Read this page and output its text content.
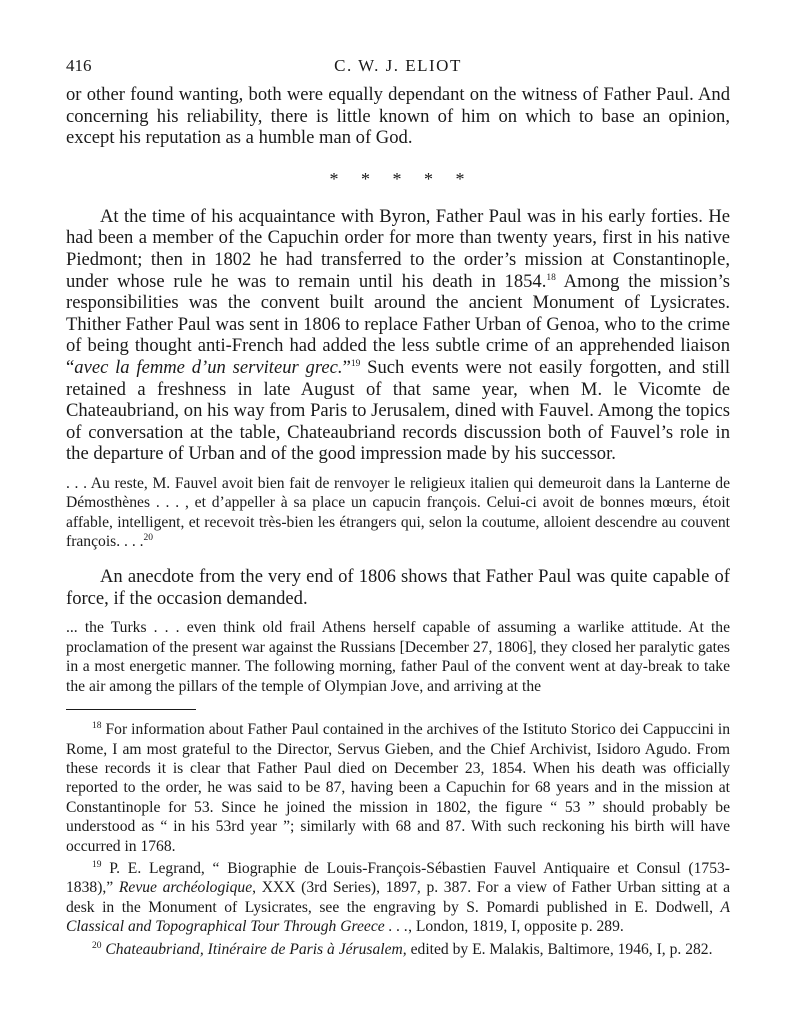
416	C. W. J. ELIOT

or other found wanting, both were equally dependant on the witness of Father Paul. And concerning his reliability, there is little known of him on which to base an opinion, except his reputation as a humble man of God.

* * * * *

At the time of his acquaintance with Byron, Father Paul was in his early forties. He had been a member of the Capuchin order for more than twenty years, first in his native Piedmont; then in 1802 he had transferred to the order’s mission at Constantinople, under whose rule he was to remain until his death in 1854.18 Among the mission’s responsibilities was the convent built around the ancient Monument of Lysicrates. Thither Father Paul was sent in 1806 to replace Father Urban of Genoa, who to the crime of being thought anti-French had added the less subtle crime of an apprehended liaison “avec la femme d’un serviteur grec.”$^{19}$ Such events were not easily forgotten, and still retained a freshness in late August of that same year, when M. le Vicomte de Chateaubriand, on his way from Paris to Jerusalem, dined with Fauvel. Among the topics of conversation at the table, Chateaubriand records discussion both of Fauvel’s role in the departure of Urban and of the good impression made by his successor.

. . . Au reste, M. Fauvel avoit bien fait de renvoyer le religieux italien qui demeuroit dans la Lanterne de Démosthènes . . . , et d’appeller à sa place un capucin françois. Celui-ci avoit de bonnes mœurs, étoit affable, intelligent, et recevoit très-bien les étrangers qui, selon la coutume, alloient descendre au couvent françois. . . .$^{20}$

An anecdote from the very end of 1806 shows that Father Paul was quite capable of force, if the occasion demanded.

... the Turks . . . even think old frail Athens herself capable of assuming a warlike attitude. At the proclamation of the present war against the Russians [December 27, 1806], they closed her paralytic gates in a most energetic manner. The following morning, father Paul of the convent went at day-break to take the air among the pillars of the temple of Olympian Jove, and arriving at the

$^{18}$ For information about Father Paul contained in the archives of the Istituto Storico dei Cappuccini in Rome, I am most grateful to the Director, Servus Gieben, and the Chief Archivist, Isidoro Agudo. From these records it is clear that Father Paul died on December 23, 1854. When his death was officially reported to the order, he was said to be 87, having been a Capuchin for 68 years and in the mission at Constantinople for 53. Since he joined the mission in 1802, the figure “ 53 ” should probably be understood as “ in his 53rd year ”; similarly with 68 and 87. With such reckoning his birth will have occurred in 1768.

$^{19}$ P. E. Legrand, “ Biographie de Louis-François-Sébastien Fauvel Antiquaire et Consul (1753-1838),” Revue archéologique, XXX (3rd Series), 1897, p. 387. For a view of Father Urban sitting at a desk in the Monument of Lysicrates, see the engraving by S. Pomardi published in E. Dodwell, A Classical and Topographical Tour Through Greece . . ., London, 1819, I, opposite p. 289.

$^{20}$ Chateaubriand, Itinéraire de Paris à Jérusalem, edited by E. Malakis, Baltimore, 1946, I, p. 282.
